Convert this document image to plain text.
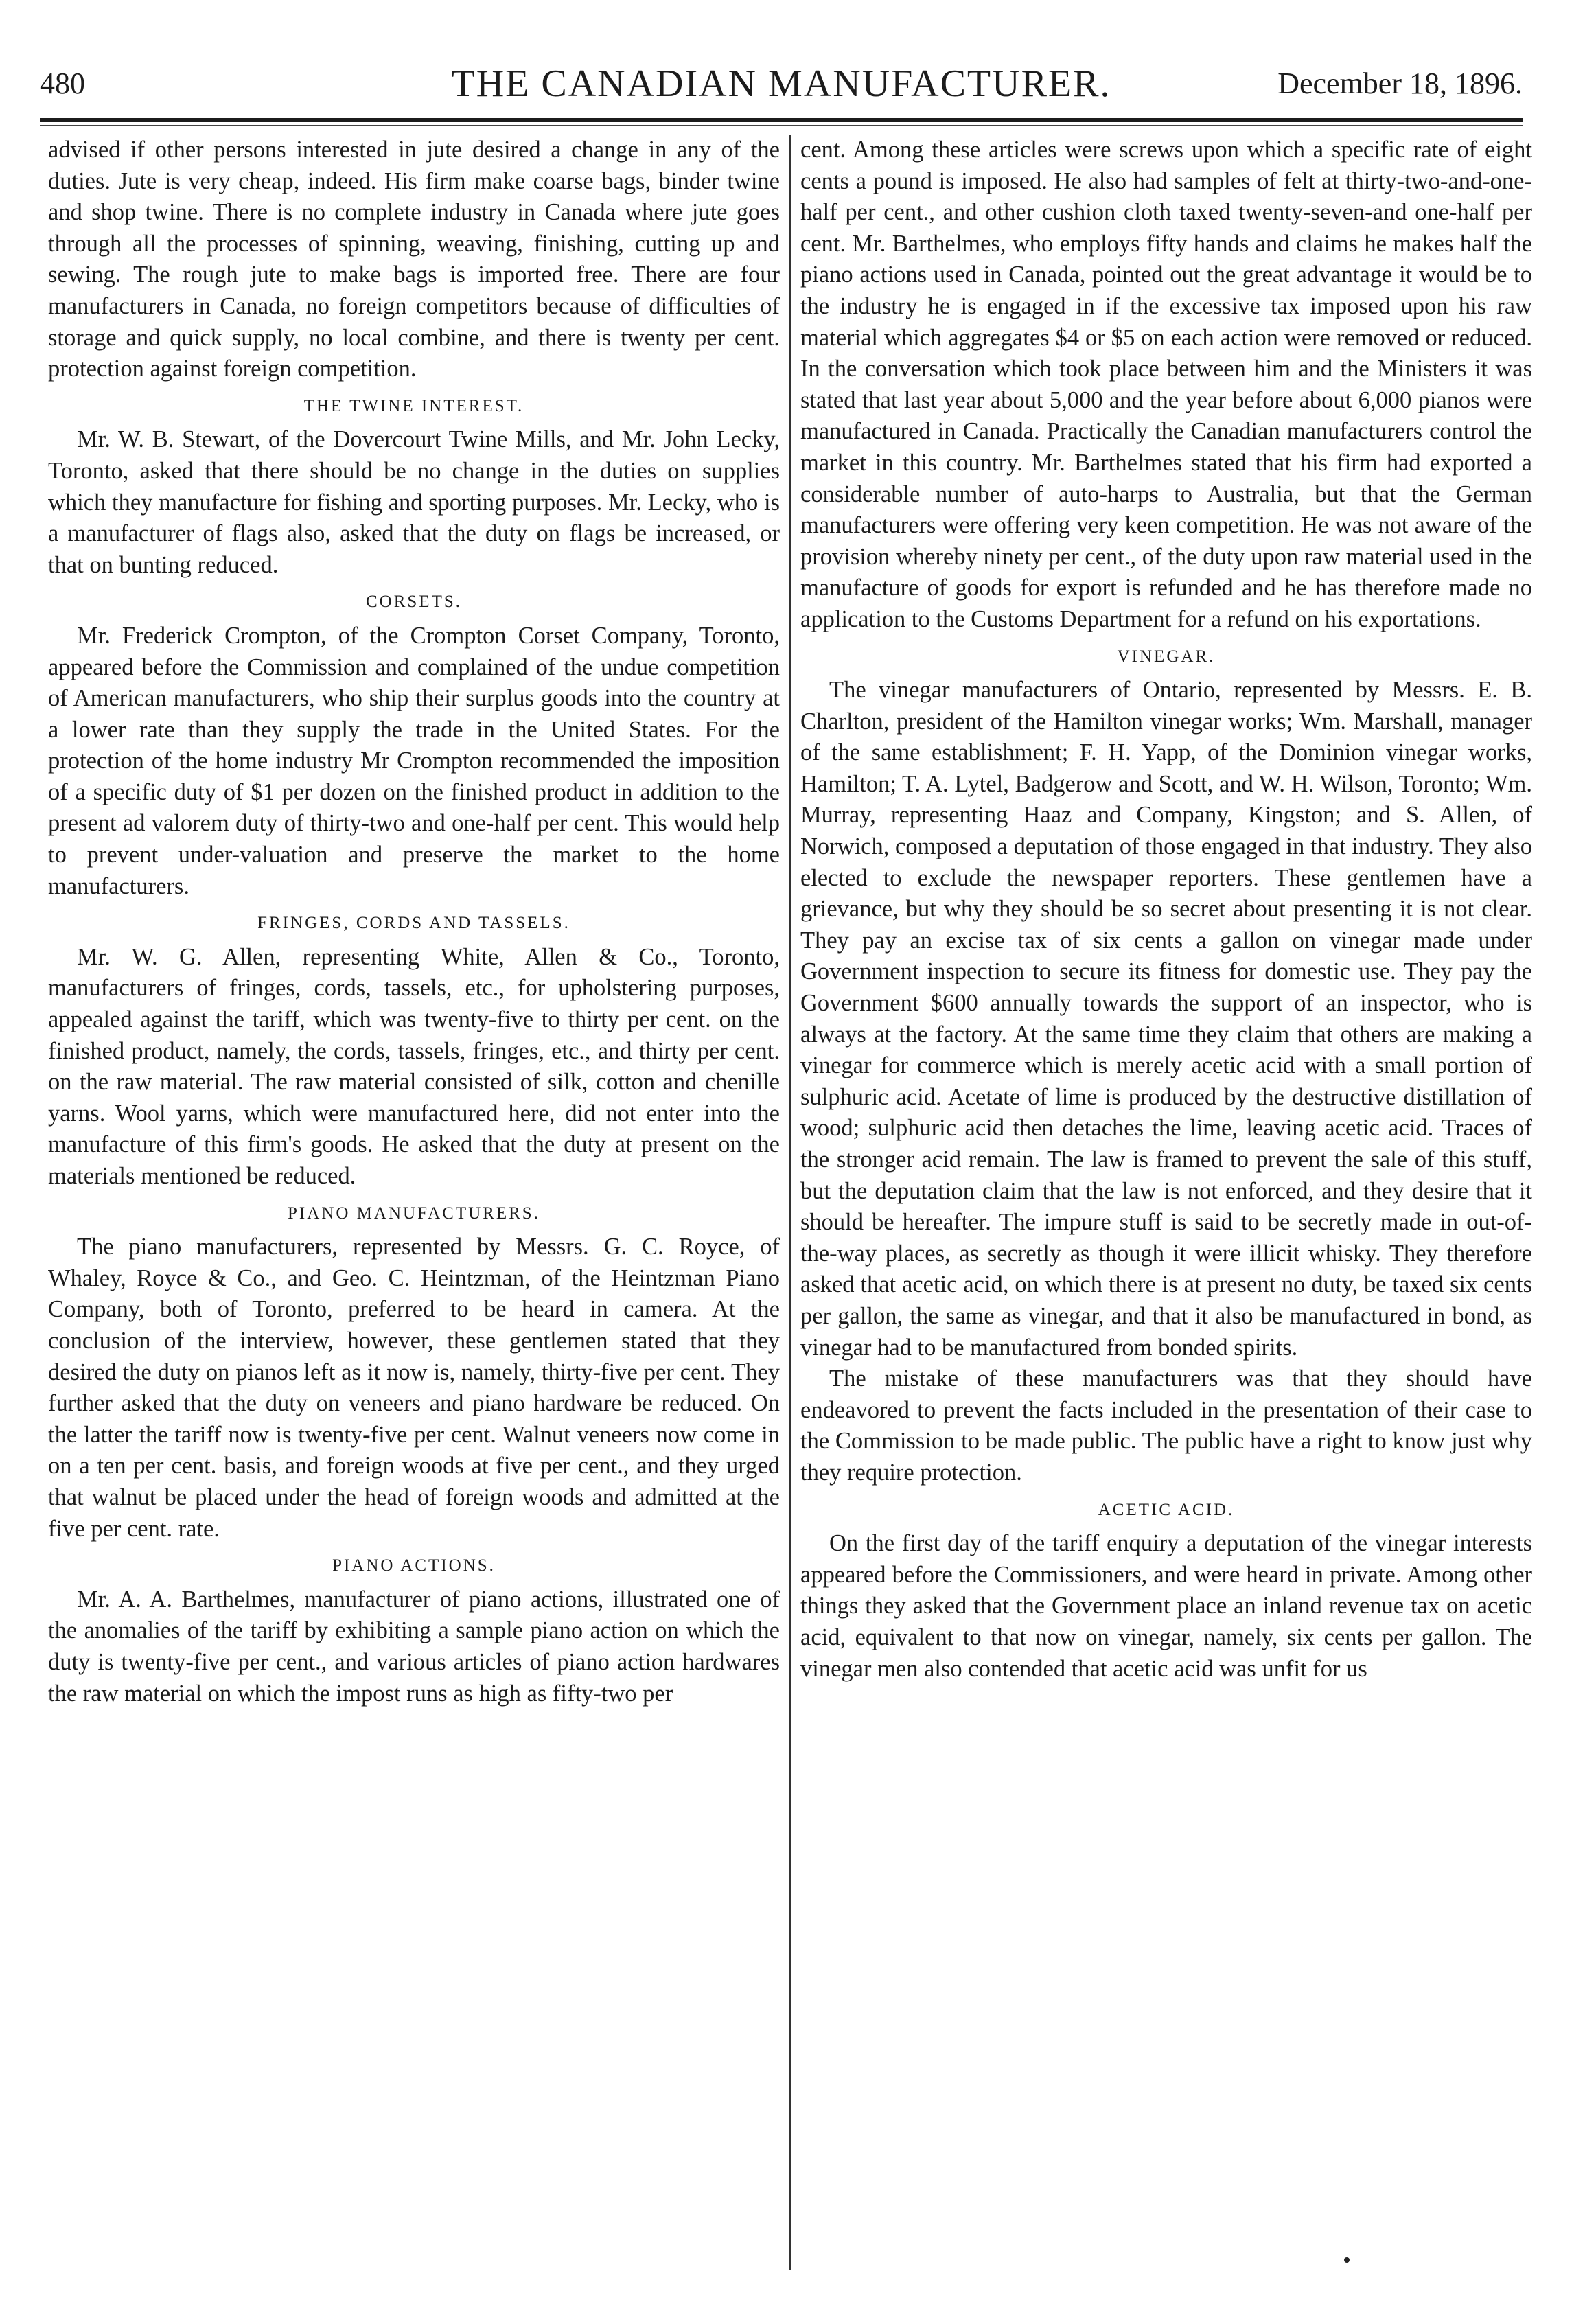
480	THE CANADIAN MANUFACTURER.	December 18, 1896.

advised if other persons interested in jute desired a change in any of the duties. Jute is very cheap, indeed. His firm make coarse bags, binder twine and shop twine. There is no complete industry in Canada where jute goes through all the processes of spinning, weaving, finishing, cutting up and sewing. The rough jute to make bags is imported free. There are four manufacturers in Canada, no foreign competitors because of difficulties of storage and quick supply, no local combine, and there is twenty per cent. protection against foreign competition.

THE TWINE INTEREST.

Mr. W. B. Stewart, of the Dovercourt Twine Mills, and Mr. John Lecky, Toronto, asked that there should be no change in the duties on supplies which they manufacture for fishing and sporting purposes. Mr. Lecky, who is a manufacturer of flags also, asked that the duty on flags be increased, or that on bunting reduced.

CORSETS.

Mr. Frederick Crompton, of the Crompton Corset Company, Toronto, appeared before the Commission and complained of the undue competition of American manufacturers, who ship their surplus goods into the country at a lower rate than they supply the trade in the United States. For the protection of the home industry Mr Crompton recommended the imposition of a specific duty of $1 per dozen on the finished product in addition to the present ad valorem duty of thirty-two and one-half per cent. This would help to prevent under-valuation and preserve the market to the home manufacturers.

FRINGES, CORDS AND TASSELS.

Mr. W. G. Allen, representing White, Allen & Co., Toronto, manufacturers of fringes, cords, tassels, etc., for upholstering purposes, appealed against the tariff, which was twenty-five to thirty per cent. on the finished product, namely, the cords, tassels, fringes, etc., and thirty per cent. on the raw material. The raw material consisted of silk, cotton and chenille yarns. Wool yarns, which were manufactured here, did not enter into the manufacture of this firm's goods. He asked that the duty at present on the materials mentioned be reduced.

PIANO MANUFACTURERS.

The piano manufacturers, represented by Messrs. G. C. Royce, of Whaley, Royce & Co., and Geo. C. Heintzman, of the Heintzman Piano Company, both of Toronto, preferred to be heard in camera. At the conclusion of the interview, however, these gentlemen stated that they desired the duty on pianos left as it now is, namely, thirty-five per cent. They further asked that the duty on veneers and piano hardware be reduced. On the latter the tariff now is twenty-five per cent. Walnut veneers now come in on a ten per cent. basis, and foreign woods at five per cent., and they urged that walnut be placed under the head of foreign woods and admitted at the five per cent. rate.

PIANO ACTIONS.

Mr. A. A. Barthelmes, manufacturer of piano actions, illustrated one of the anomalies of the tariff by exhibiting a sample piano action on which the duty is twenty-five per cent., and various articles of piano action hardwares the raw material on which the impost runs as high as fifty-two per

cent. Among these articles were screws upon which a specific rate of eight cents a pound is imposed. He also had samples of felt at thirty-two-and-one-half per cent., and other cushion cloth taxed twenty-seven-and one-half per cent. Mr. Barthelmes, who employs fifty hands and claims he makes half the piano actions used in Canada, pointed out the great advantage it would be to the industry he is engaged in if the excessive tax imposed upon his raw material which aggregates $4 or $5 on each action were removed or reduced. In the conversation which took place between him and the Ministers it was stated that last year about 5,000 and the year before about 6,000 pianos were manufactured in Canada. Practically the Canadian manufacturers control the market in this country. Mr. Barthelmes stated that his firm had exported a considerable number of auto-harps to Australia, but that the German manufacturers were offering very keen competition. He was not aware of the provision whereby ninety per cent., of the duty upon raw material used in the manufacture of goods for export is refunded and he has therefore made no application to the Customs Department for a refund on his exportations.

VINEGAR.

The vinegar manufacturers of Ontario, represented by Messrs. E. B. Charlton, president of the Hamilton vinegar works; Wm. Marshall, manager of the same establishment; F. H. Yapp, of the Dominion vinegar works, Hamilton; T. A. Lytel, Badgerow and Scott, and W. H. Wilson, Toronto; Wm. Murray, representing Haaz and Company, Kingston; and S. Allen, of Norwich, composed a deputation of those engaged in that industry. They also elected to exclude the newspaper reporters. These gentlemen have a grievance, but why they should be so secret about presenting it is not clear. They pay an excise tax of six cents a gallon on vinegar made under Government inspection to secure its fitness for domestic use. They pay the Government $600 annually towards the support of an inspector, who is always at the factory. At the same time they claim that others are making a vinegar for commerce which is merely acetic acid with a small portion of sulphuric acid. Acetate of lime is produced by the destructive distillation of wood; sulphuric acid then detaches the lime, leaving acetic acid. Traces of the stronger acid remain. The law is framed to prevent the sale of this stuff, but the deputation claim that the law is not enforced, and they desire that it should be hereafter. The impure stuff is said to be secretly made in out-of-the-way places, as secretly as though it were illicit whisky. They therefore asked that acetic acid, on which there is at present no duty, be taxed six cents per gallon, the same as vinegar, and that it also be manufactured in bond, as vinegar had to be manufactured from bonded spirits.

The mistake of these manufacturers was that they should have endeavored to prevent the facts included in the presentation of their case to the Commission to be made public. The public have a right to know just why they require protection.

ACETIC ACID.

On the first day of the tariff enquiry a deputation of the vinegar interests appeared before the Commissioners, and were heard in private. Among other things they asked that the Government place an inland revenue tax on acetic acid, equivalent to that now on vinegar, namely, six cents per gallon. The vinegar men also contended that acetic acid was unfit for us
